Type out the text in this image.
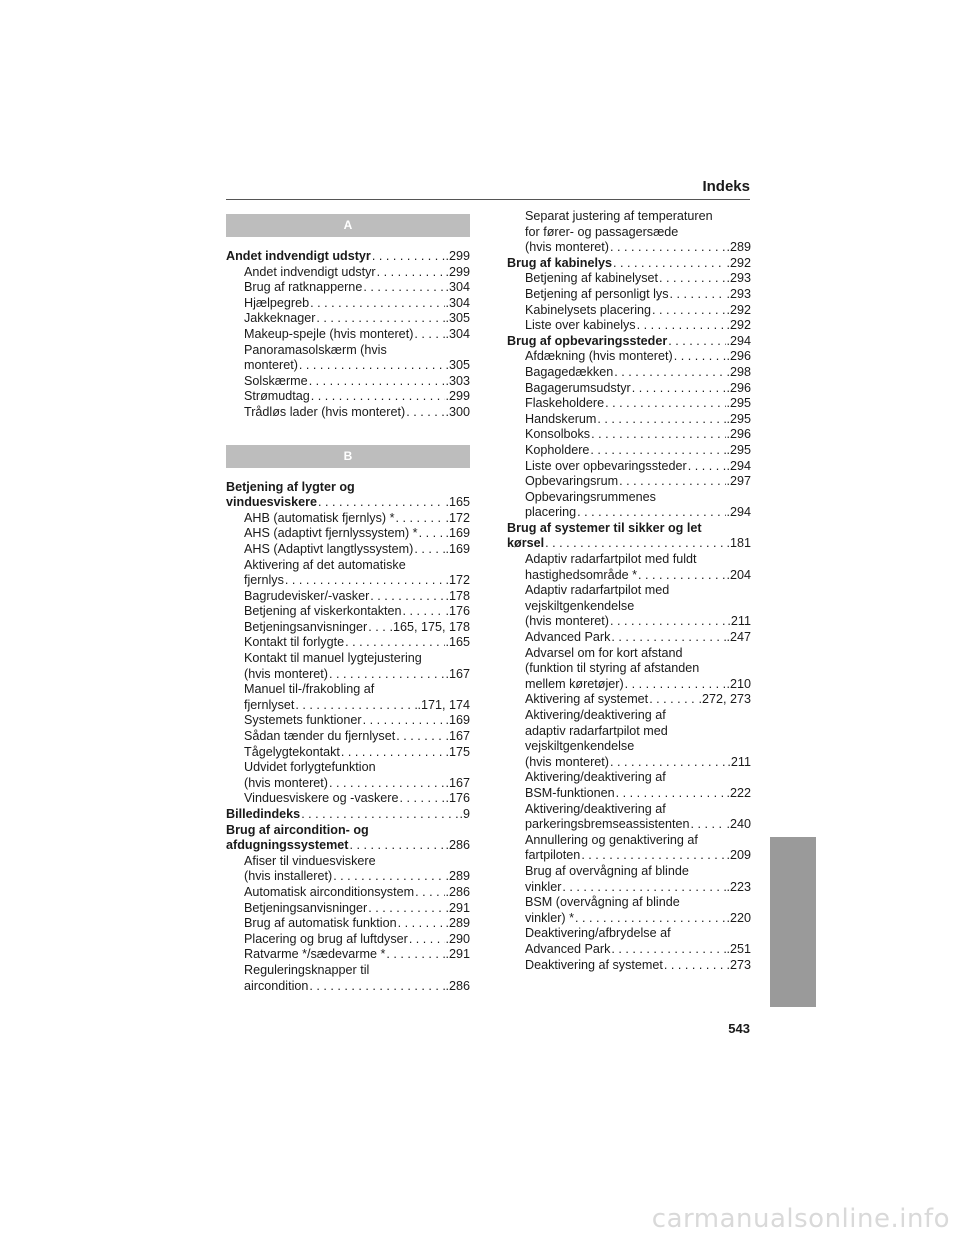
Indeks
A
Andet indvendigt udstyr . . .	.299
Andet indvendigt udstyr . . .	.299
Brug af ratknapperne . . .	.304
Hjælpegreb . . .	.304
Jakkeknager . . .	.305
Makeup-spejle (hvis monteret) . . .	.304
Panoramasolskærm (hvis
monteret) . . .	.305
Solskærme . . .	.303
Strømudtag . . .	.299
Trådløs lader (hvis monteret) . . .	.300
B
Betjening af lygter og
vinduesviskere . . .	.165
AHB (automatisk fjernlys) * . . .	.172
AHS (adaptivt fjernlyssystem) * . . . .169
AHS (Adaptivt langtlyssystem) . . .	.169
Aktivering af det automatiske
fjernlys . . .	.172
Bagrudevisker/-vasker . . .	.178
Betjening af viskerkontakten . . .	.176
Betjeningsanvisninger . . . .165, 175, 178
Kontakt til forlygte . . .	.165
Kontakt til manuel lygtejustering
(hvis monteret) . . .	.167
Manuel til-/frakobling af
fjernlyset . . .	.171, 174
Systemets funktioner . . .	.169
Sådan tænder du fjernlyset . . .	.167
Tågelygtekontakt . . .	.175
Udvidet forlygtefunktion
(hvis monteret) . . .	.167
Vinduesviskere og -vaskere . . .	.176
Billedindeks . . .	.9
Brug af aircondition- og
afdugningssystemet . . .	.286
Afiser til vinduesviskere
(hvis installeret) . . .	.289
Automatisk airconditionsystem . . . .286
Betjeningsanvisninger . . .	.291
Brug af automatisk funktion . . .	.289
Placering og brug af luftdyser . . .	.290
Ratvarme */sædevarme * . . .	.291
Reguleringsknapper til
aircondition . . .	.286
Separat justering af temperaturen
for fører- og passagersæde
(hvis monteret) . . .	.289
Brug af kabinelys . . .	.292
Betjening af kabinelyset . . .	.293
Betjening af personligt lys . . .	.293
Kabinelysets placering . . .	.292
Liste over kabinelys . . .	.292
Brug af opbevaringssteder . . .	.294
Afdækning (hvis monteret) . . .	.296
Bagagedækken . . .	.298
Bagagerumsudstyr . . .	.296
Flaskeholdere . . .	.295
Handskerum . . .	.295
Konsolboks . . .	.296
Kopholdere . . .	.295
Liste over opbevaringssteder . . .	.294
Opbevaringsrum . . .	.297
Opbevaringsrummenes
placering . . .	.294
Brug af systemer til sikker og let
kørsel . . .	.181
Adaptiv radarfartpilot med fuldt
hastighedsområde * . . .	.204
Adaptiv radarfartpilot med
vejskiltgenkendelse
(hvis monteret) . . .	.211
Advanced Park . . .	.247
Advarsel om for kort afstand
(funktion til styring af afstanden
mellem køretøjer) . . .	.210
Aktivering af systemet . . .	.272, 273
Aktivering/deaktivering af
adaptiv radarfartpilot med
vejskiltgenkendelse
(hvis monteret) . . .	.211
Aktivering/deaktivering af
BSM-funktionen . . .	.222
Aktivering/deaktivering af
parkeringsbremseassistenten . . .	.240
Annullering og genaktivering af
fartpiloten . . .	.209
Brug af overvågning af blinde
vinkler . . .	.223
BSM (overvågning af blinde
vinkler) * . . .	.220
Deaktivering/afbrydelse af
Advanced Park . . .	.251
Deaktivering af systemet . . .	.273
543
carmanualsonline.info
